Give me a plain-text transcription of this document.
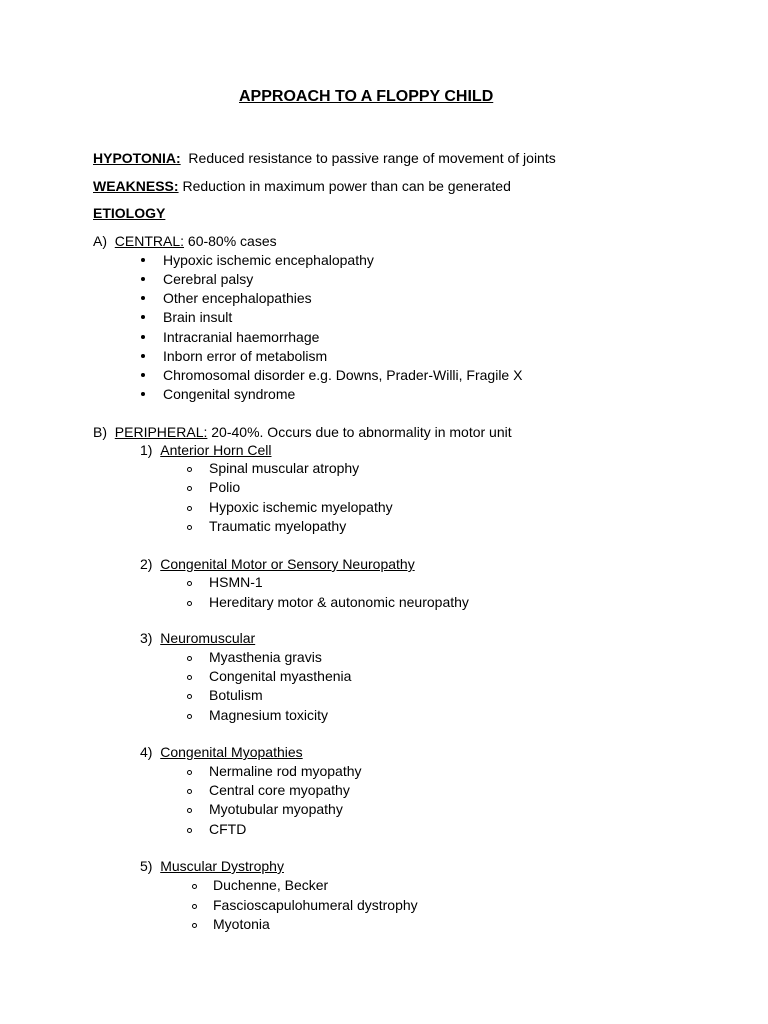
APPROACH TO A FLOPPY CHILD
HYPOTONIA: Reduced resistance to passive range of movement of joints
WEAKNESS: Reduction in maximum power than can be generated
ETIOLOGY
A) CENTRAL: 60-80% cases
Hypoxic ischemic encephalopathy
Cerebral palsy
Other encephalopathies
Brain insult
Intracranial haemorrhage
Inborn error of metabolism
Chromosomal disorder e.g. Downs, Prader-Willi, Fragile X
Congenital syndrome
B) PERIPHERAL: 20-40%. Occurs due to abnormality in motor unit
1) Anterior Horn Cell
Spinal muscular atrophy
Polio
Hypoxic ischemic myelopathy
Traumatic myelopathy
2) Congenital Motor or Sensory Neuropathy
HSMN-1
Hereditary motor & autonomic neuropathy
3) Neuromuscular
Myasthenia gravis
Congenital myasthenia
Botulism
Magnesium toxicity
4) Congenital Myopathies
Nermaline rod myopathy
Central core myopathy
Myotubular myopathy
CFTD
5) Muscular Dystrophy
Duchenne, Becker
Fascioscapulohumeral dystrophy
Myotonia
